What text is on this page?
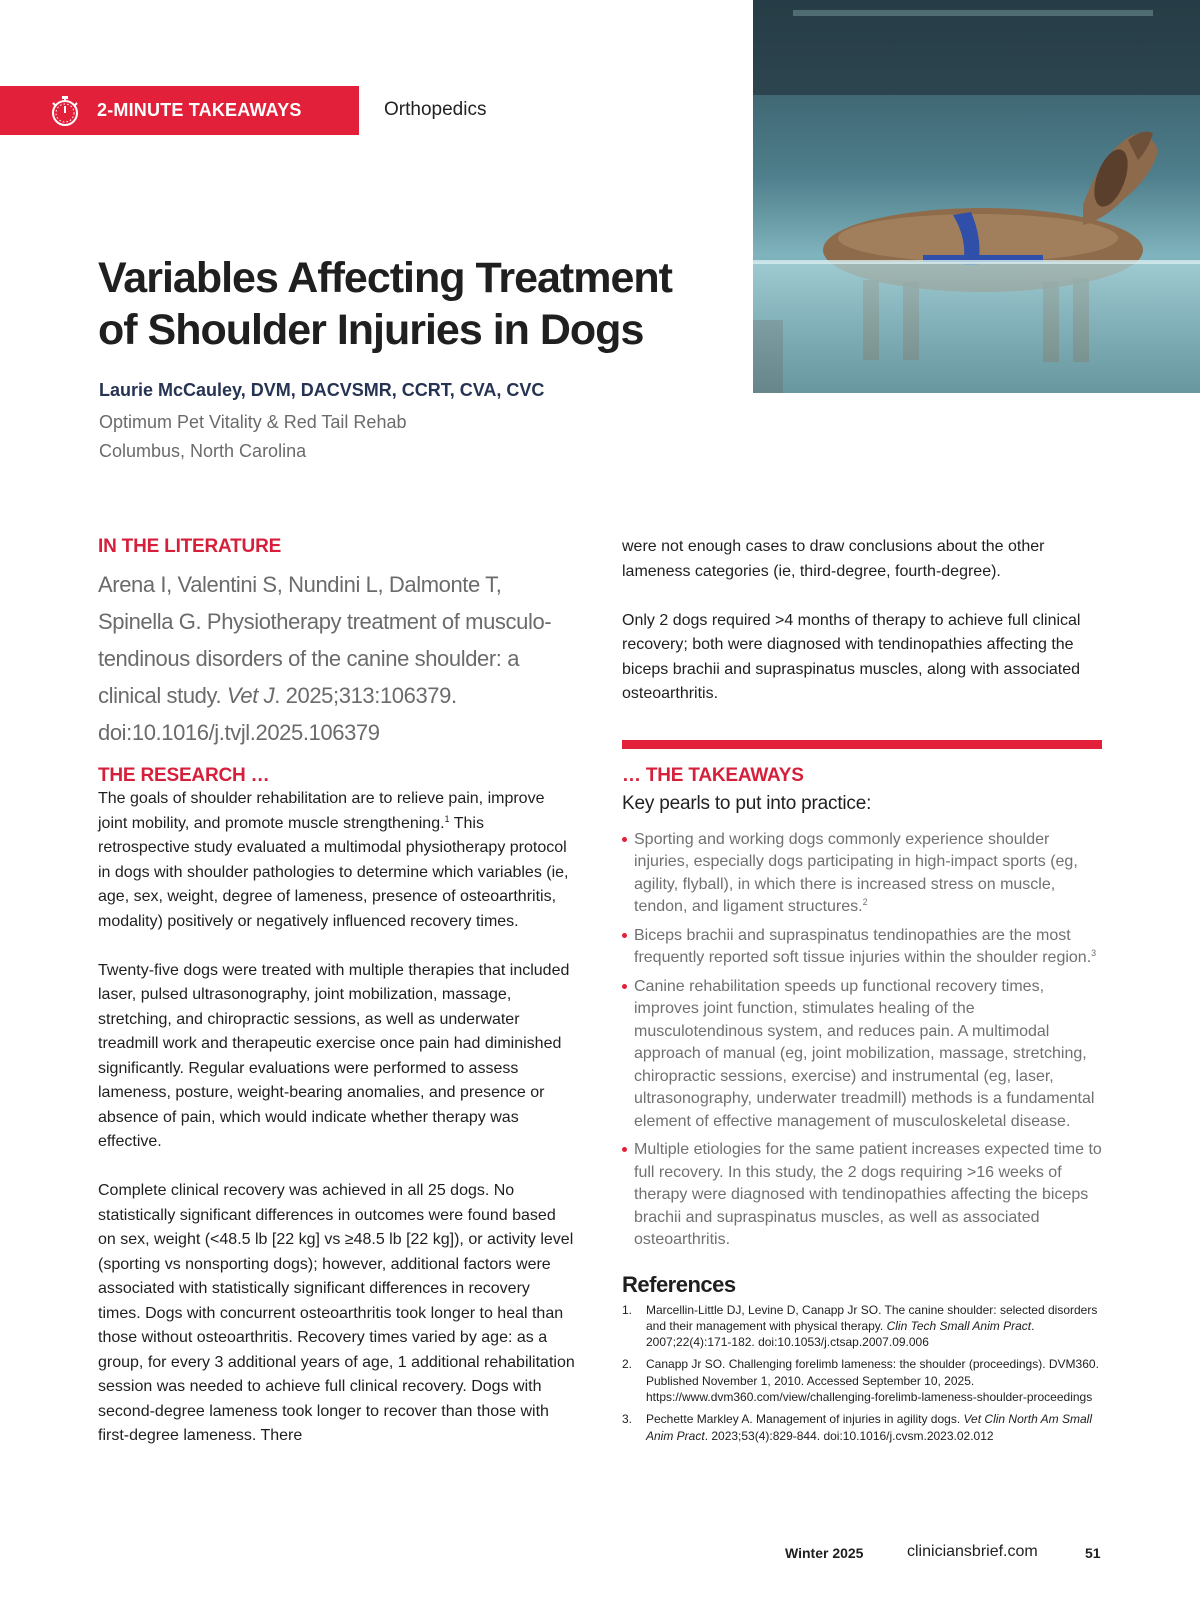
2-MINUTE TAKEAWAYS	Orthopedics
Variables Affecting Treatment
of Shoulder Injuries in Dogs
Laurie McCauley, DVM, DACVSMR, CCRT, CVA, CVC
Optimum Pet Vitality & Red Tail Rehab
Columbus, North Carolina
IN THE LITERATURE
Arena I, Valentini S, Nundini L, Dalmonte T, Spinella G. Physiotherapy treatment of musculo-tendinous disorders of the canine shoulder: a clinical study. Vet J. 2025;313:106379. doi:10.1016/j.tvjl.2025.106379
THE RESEARCH …

The goals of shoulder rehabilitation are to relieve pain, improve joint mobility, and promote muscle strengthening.$^1$ This retrospective study evaluated a multimodal physiotherapy protocol in dogs with shoulder pathologies to determine which variables (ie, age, sex, weight, degree of lameness, presence of osteoarthritis, modality) positively or negatively influenced recovery times.

Twenty-five dogs were treated with multiple therapies that included laser, pulsed ultrasonography, joint mobilization, massage, stretching, and chiropractic sessions, as well as underwater treadmill work and therapeutic exercise once pain had diminished significantly. Regular evaluations were performed to assess lameness, posture, weight-bearing anomalies, and presence or absence of pain, which would indicate whether therapy was effective.

Complete clinical recovery was achieved in all 25 dogs. No statistically significant differences in outcomes were found based on sex, weight (<48.5 lb [22 kg] vs ≥48.5 lb [22 kg]), or activity level (sporting vs nonsporting dogs); however, additional factors were associated with statistically significant differences in recovery times. Dogs with concurrent osteoarthritis took longer to heal than those without osteoarthritis. Recovery times varied by age: as a group, for every 3 additional years of age, 1 additional rehabilitation session was needed to achieve full clinical recovery. Dogs with second-degree lameness took longer to recover than those with first-degree lameness. There

were not enough cases to draw conclusions about the other lameness categories (ie, third-degree, fourth-degree).

Only 2 dogs required >4 months of therapy to achieve full clinical recovery; both were diagnosed with tendinopathies affecting the biceps brachii and supraspinatus muscles, along with associated osteoarthritis.

… THE TAKEAWAYS
Key pearls to put into practice:
Sporting and working dogs commonly experience shoulder injuries, especially dogs participating in high-impact sports (eg, agility, flyball), in which there is increased stress on muscle, tendon, and ligament structures.$^2$
Biceps brachii and supraspinatus tendinopathies are the most frequently reported soft tissue injuries within the shoulder region.$^3$
Canine rehabilitation speeds up functional recovery times, improves joint function, stimulates healing of the musculotendinous system, and reduces pain. A multimodal approach of manual (eg, joint mobilization, massage, stretching, chiropractic sessions, exercise) and instrumental (eg, laser, ultrasonography, underwater treadmill) methods is a fundamental element of effective management of musculoskeletal disease.
Multiple etiologies for the same patient increases expected time to full recovery. In this study, the 2 dogs requiring >16 weeks of therapy were diagnosed with tendinopathies affecting the biceps brachii and supraspinatus muscles, as well as associated osteoarthritis.
References
1. Marcellin-Little DJ, Levine D, Canapp Jr SO. The canine shoulder: selected disorders and their management with physical therapy. Clin Tech Small Anim Pract. 2007;22(4):171-182. doi:10.1053/j.ctsap.2007.09.006
2. Canapp Jr SO. Challenging forelimb lameness: the shoulder (proceedings). DVM360. Published November 1, 2010. Accessed September 10, 2025. https://www.dvm360.com/view/challenging-forelimb-lameness-shoulder-proceedings
3. Pechette Markley A. Management of injuries in agility dogs. Vet Clin North Am Small Anim Pract. 2023;53(4):829-844. doi:10.1016/j.cvsm.2023.02.012
Winter 2025	cliniciansbrief.com	51
